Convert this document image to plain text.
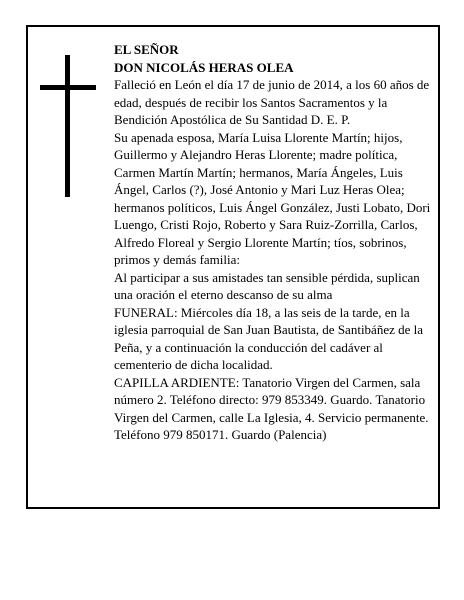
EL SEÑOR

DON NICOLÁS HERAS OLEA

Falleció en León el día 17 de junio de 2014, a los 60 años de edad, después de recibir los Santos Sacramentos y la Bendición Apostólica de Su Santidad D. E. P.

Su apenada esposa, María Luisa Llorente Martín; hijos, Guillermo y Alejandro Heras Llorente; madre política, Carmen Martín Martín; hermanos, María Ángeles, Luis Ángel, Carlos (?), José Antonio y Mari Luz Heras Olea; hermanos políticos, Luis Ángel González, Justi Lobato, Dori Luengo, Cristi Rojo, Roberto y Sara Ruiz-Zorrilla, Carlos, Alfredo Floreal y Sergio Llorente Martín; tíos, sobrinos, primos y demás familia:

Al participar a sus amistades tan sensible pérdida, suplican una oración el eterno descanso de su alma

FUNERAL: Miércoles día 18, a las seis de la tarde, en la iglesia parroquial de San Juan Bautista, de Santibáñez de la Peña, y a continuación la conducción del cadáver al cementerio de dicha localidad.

CAPILLA ARDIENTE: Tanatorio Virgen del Carmen, sala número 2. Teléfono directo: 979 853349. Guardo. Tanatorio Virgen del Carmen, calle La Iglesia, 4. Servicio permanente. Teléfono 979 850171. Guardo (Palencia)
